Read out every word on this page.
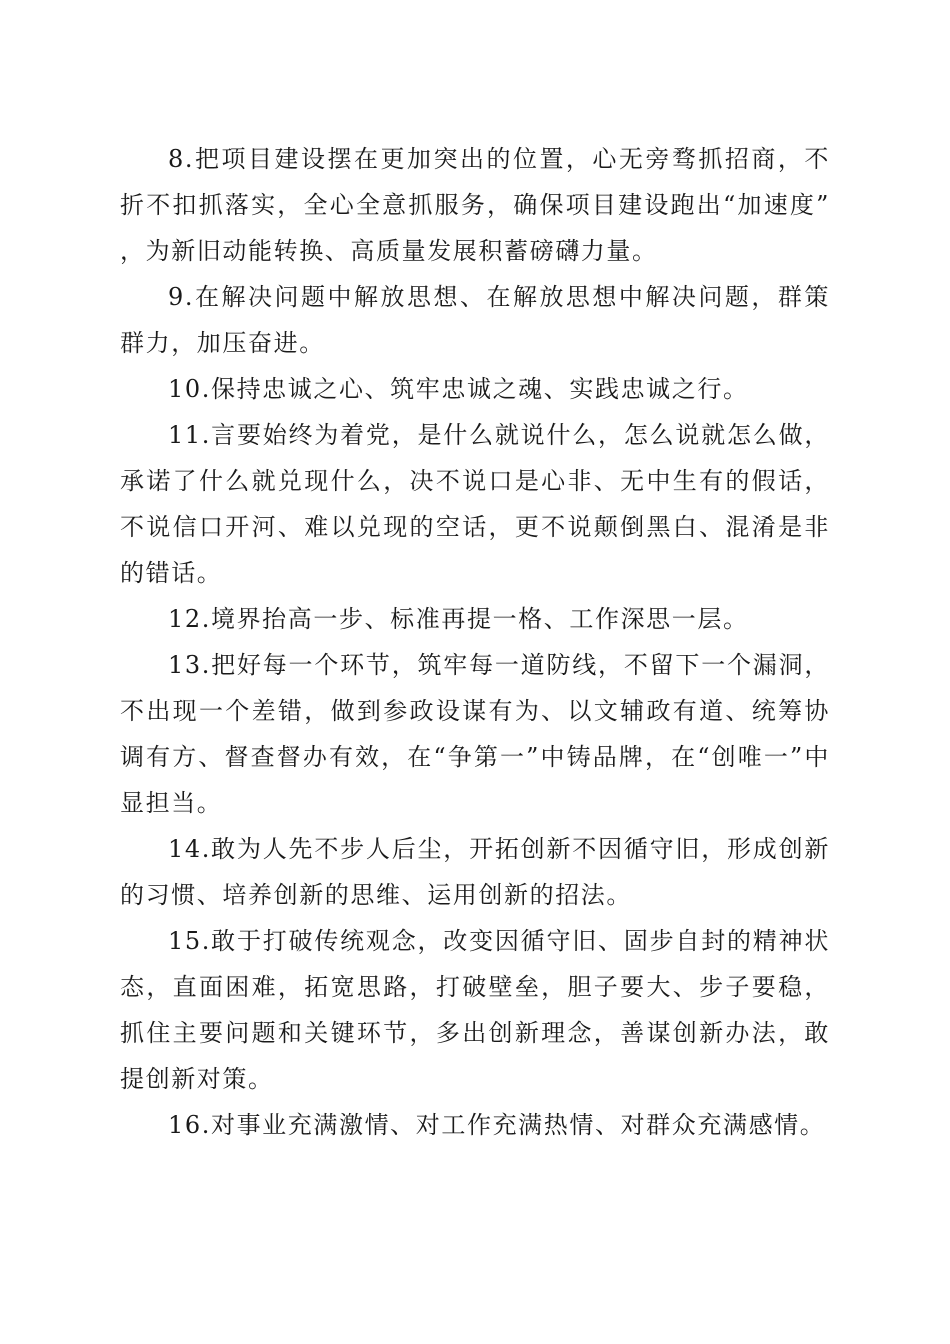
8.把项目建设摆在更加突出的位置，心无旁骛抓招商，不折不扣抓落实，全心全意抓服务，确保项目建设跑出“加速度”，为新旧动能转换、高质量发展积蓄磅礴力量。

9.在解决问题中解放思想、在解放思想中解决问题，群策群力，加压奋进。

10.保持忠诚之心、筑牢忠诚之魂、实践忠诚之行。

11.言要始终为着党，是什么就说什么，怎么说就怎么做，承诺了什么就兑现什么，决不说口是心非、无中生有的假话，不说信口开河、难以兑现的空话，更不说颠倒黑白、混淆是非的错话。

12.境界抬高一步、标准再提一格、工作深思一层。

13.把好每一个环节，筑牢每一道防线，不留下一个漏洞，不出现一个差错，做到参政设谋有为、以文辅政有道、统筹协调有方、督查督办有效，在“争第一”中铸品牌，在“创唯一”中显担当。

14.敢为人先不步人后尘，开拓创新不因循守旧，形成创新的习惯、培养创新的思维、运用创新的招法。

15.敢于打破传统观念，改变因循守旧、固步自封的精神状态，直面困难，拓宽思路，打破壁垒，胆子要大、步子要稳，抓住主要问题和关键环节，多出创新理念，善谋创新办法，敢提创新对策。

16.对事业充满激情、对工作充满热情、对群众充满感情。
